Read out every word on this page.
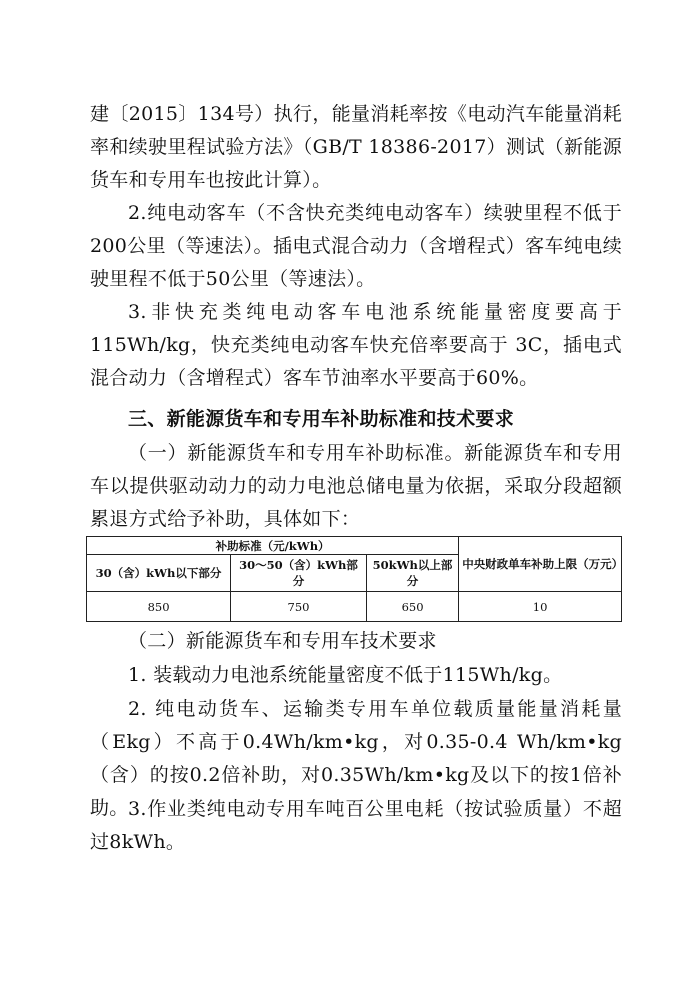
建〔2015〕134号）执行，能量消耗率按《电动汽车能量消耗率和续驶里程试验方法》（GB/T 18386-2017）测试（新能源货车和专用车也按此计算）。

2.纯电动客车（不含快充类纯电动客车）续驶里程不低于200公里（等速法）。插电式混合动力（含增程式）客车纯电续驶里程不低于50公里（等速法）。

3.非快充类纯电动客车电池系统能量密度要高于115Wh/kg，快充类纯电动客车快充倍率要高于 3C，插电式混合动力（含增程式）客车节油率水平要高于60%。

三、新能源货车和专用车补助标准和技术要求

（一）新能源货车和专用车补助标准。新能源货车和专用车以提供驱动动力的动力电池总储电量为依据，采取分段超额累退方式给予补助，具体如下：

补助标准（元/kWh）			中央财政单车补助上限（万元）
30（含）kWh以下部分	30～50（含）kWh部分	50kWh以上部分	
850	750	650	10

（二）新能源货车和专用车技术要求

1. 装载动力电池系统能量密度不低于115Wh/kg。

2. 纯电动货车、运输类专用车单位载质量能量消耗量（Ekg）不高于0.4Wh/km•kg，对0.35-0.4 Wh/km•kg（含）的按0.2倍补助，对0.35Wh/km•kg及以下的按1倍补助。 3.作业类纯电动专用车吨百公里电耗（按试验质量）不超过8kWh。
